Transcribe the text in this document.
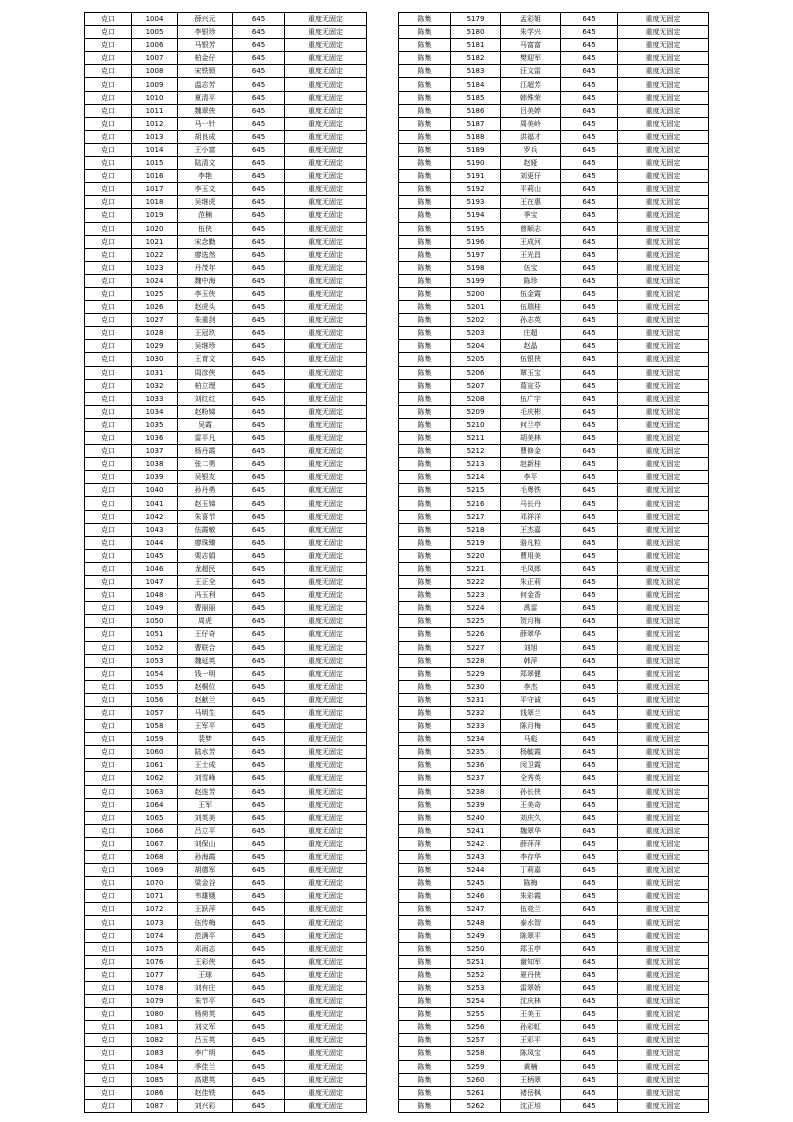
克口	1004	薛兴元	645	重度无固定
克口	1005	李银珍	645	重度无固定
克口	1006	马银芳	645	重度无固定
克口	1007	柏金仔	645	重度无固定
克口	1008	宋铁锁	645	重度无固定
克口	1009	温志芳	645	重度无固定
克口	1010	夏清平	645	重度无固定
克口	1011	魏翠侠	645	重度无固定
克口	1012	马一针	645	重度无固定
克口	1013	胡良成	645	重度无固定
克口	1014	王小富	645	重度无固定
克口	1015	陆清文	645	重度无固定
克口	1016	李艳	645	重度无固定
克口	1017	李玉文	645	重度无固定
克口	1018	吴继虎	645	重度无固定
克口	1019	范楠	645	重度无固定
克口	1020	伍侠	645	重度无固定
克口	1021	宋念勤	645	重度无固定
克口	1022	廖选然	645	重度无固定
克口	1023	丹茂年	645	重度无固定
克口	1024	魏中海	645	重度无固定
克口	1025	李玉侠	645	重度无固定
克口	1026	赵虎头	645	重度无固定
克口	1027	朱重剑	645	重度无固定
克口	1028	王冠玖	645	重度无固定
克口	1029	吴继珍	645	重度无固定
克口	1030	王育文	645	重度无固定
克口	1031	周彦侠	645	重度无固定
克口	1032	柏立理	645	重度无固定
克口	1033	刘红红	645	重度无固定
克口	1034	赵粉娣	645	重度无固定
克口	1035	吴霞	645	重度无固定
克口	1036	雷平凡	645	重度无固定
克口	1037	杨丹霞	645	重度无固定
克口	1038	张二勇	645	重度无固定
克口	1039	吴银友	645	重度无固定
克口	1040	孙丹勇	645	重度无固定
克口	1041	赵玉娣	645	重度无固定
克口	1042	朱喜节	645	重度无固定
克口	1043	伍霞敏	645	重度无固定
克口	1044	廖珠臻	645	重度无固定
克口	1045	栗志娟	645	重度无固定
克口	1046	龙超民	645	重度无固定
克口	1047	王正全	645	重度无固定
克口	1048	冯玉利	645	重度无固定
克口	1049	曹丽丽	645	重度无固定
克口	1050	周虎	645	重度无固定
克口	1051	王仔奇	645	重度无固定
克口	1052	曹联合	645	重度无固定
克口	1053	魏延英	645	重度无固定
克口	1054	钱一明	645	重度无固定
克口	1055	赵桐位	645	重度无固定
克口	1056	赵献兰	645	重度无固定
克口	1057	马明生	645	重度无固定
克口	1058	王军平	645	重度无固定
克口	1059	裴梦	645	重度无固定
克口	1060	陆水芳	645	重度无固定
克口	1061	王士成	645	重度无固定
克口	1062	刘雪峰	645	重度无固定
克口	1063	赵连芳	645	重度无固定
克口	1064	王军	645	重度无固定
克口	1065	刘英美	645	重度无固定
克口	1066	吕立平	645	重度无固定
克口	1067	刘保山	645	重度无固定
克口	1068	孙海霞	645	重度无固定
克口	1069	胡德军	645	重度无固定
克口	1070	梁金谷	645	重度无固定
克口	1071	韦雄娥	645	重度无固定
克口	1072	王跃萍	645	重度无固定
克口	1073	伍传梅	645	重度无固定
克口	1074	范满平	645	重度无固定
克口	1075	邓雨志	645	重度无固定
克口	1076	王彩侠	645	重度无固定
克口	1077	王球	645	重度无固定
克口	1078	刘有庄	645	重度无固定
克口	1079	朱节平	645	重度无固定
克口	1080	杨荷英	645	重度无固定
克口	1081	刘文军	645	重度无固定
克口	1082	吕玉英	645	重度无固定
克口	1083	李广明	645	重度无固定
克口	1084	季佳兰	645	重度无固定
克口	1085	高建英	645	重度无固定
克口	1086	赵佳铁	645	重度无固定
克口	1087	刘兴彩	645	重度无固定
陈集	5179	孟彩姐	645	重度无固定
陈集	5180	朱学兴	645	重度无固定
陈集	5181	马富富	645	重度无固定
陈集	5182	樊迎军	645	重度无固定
陈集	5183	汪文雷	645	重度无固定
陈集	5184	江超芳	645	重度无固定
陈集	5185	韩殊荣	645	重度无固定
陈集	5186	吕美婷	645	重度无固定
陈集	5187	周美岭	645	重度无固定
陈集	5188	洪福才	645	重度无固定
陈集	5189	罗兵	645	重度无固定
陈集	5190	赵娅	645	重度无固定
陈集	5191	刘更仔	645	重度无固定
陈集	5192	平莉山	645	重度无固定
陈集	5193	王在惠	645	重度无固定
陈集	5194	季宝	645	重度无固定
陈集	5195	曾顺志	645	重度无固定
陈集	5196	王成河	645	重度无固定
陈集	5197	王光昌	645	重度无固定
陈集	5198	伍宝	645	重度无固定
陈集	5199	陈珍	645	重度无固定
陈集	5200	伍金霞	645	重度无固定
陈集	5201	伍瑞桂	645	重度无固定
陈集	5202	孙志英	645	重度无固定
陈集	5203	庄超	645	重度无固定
陈集	5204	赵晶	645	重度无固定
陈集	5205	伍银侠	645	重度无固定
陈集	5206	覃玉宝	645	重度无固定
陈集	5207	葛宣芬	645	重度无固定
陈集	5208	伍广宇	645	重度无固定
陈集	5209	毛庆彬	645	重度无固定
陈集	5210	何兰亭	645	重度无固定
陈集	5211	胡美林	645	重度无固定
陈集	5212	曹修金	645	重度无固定
陈集	5213	赵新桂	645	重度无固定
陈集	5214	李平	645	重度无固定
陈集	5215	毛粤铁	645	重度无固定
陈集	5216	马长丹	645	重度无固定
陈集	5217	邓祥洋	645	重度无固定
陈集	5218	王杰嘉	645	重度无固定
陈集	5219	骆凡粒	645	重度无固定
陈集	5220	曹用美	645	重度无固定
陈集	5221	毛凤郎	645	重度无固定
陈集	5222	朱正莉	645	重度无固定
陈集	5223	何金香	645	重度无固定
陈集	5224	禹雷	645	重度无固定
陈集	5225	贺月梅	645	重度无固定
陈集	5226	薛翠华	645	重度无固定
陈集	5227	刘旭	645	重度无固定
陈集	5228	韩萍	645	重度无固定
陈集	5229	郑翠健	645	重度无固定
陈集	5230	李杰	645	重度无固定
陈集	5231	平守诚	645	重度无固定
陈集	5232	钱翠兰	645	重度无固定
陈集	5233	陈月梅	645	重度无固定
陈集	5234	马彪	645	重度无固定
陈集	5235	杨毓霞	645	重度无固定
陈集	5236	闵卫霞	645	重度无固定
陈集	5237	全秀英	645	重度无固定
陈集	5238	孙长侠	645	重度无固定
陈集	5239	王美奇	645	重度无固定
陈集	5240	刘庆久	645	重度无固定
陈集	5241	魏翠华	645	重度无固定
陈集	5242	薛萍萍	645	重度无固定
陈集	5243	李存华	645	重度无固定
陈集	5244	丁莉嘉	645	重度无固定
陈集	5245	陈梅	645	重度无固定
陈集	5246	朱彩霞	645	重度无固定
陈集	5247	伍竞兰	645	重度无固定
陈集	5248	泰水智	645	重度无固定
陈集	5249	陈翠平	645	重度无固定
陈集	5250	郑玉亭	645	重度无固定
陈集	5251	谢知军	645	重度无固定
陈集	5252	夏丹侠	645	重度无固定
陈集	5253	雷翠娇	645	重度无固定
陈集	5254	沈庆林	645	重度无固定
陈集	5255	王美玉	645	重度无固定
陈集	5256	孙彩虹	645	重度无固定
陈集	5257	王彩平	645	重度无固定
陈集	5258	陈凤宝	645	重度无固定
陈集	5259	黄楠	645	重度无固定
陈集	5260	王柄翠	645	重度无固定
陈集	5261	褚岳枫	645	重度无固定
陈集	5262	沈正培	645	重度无固定
